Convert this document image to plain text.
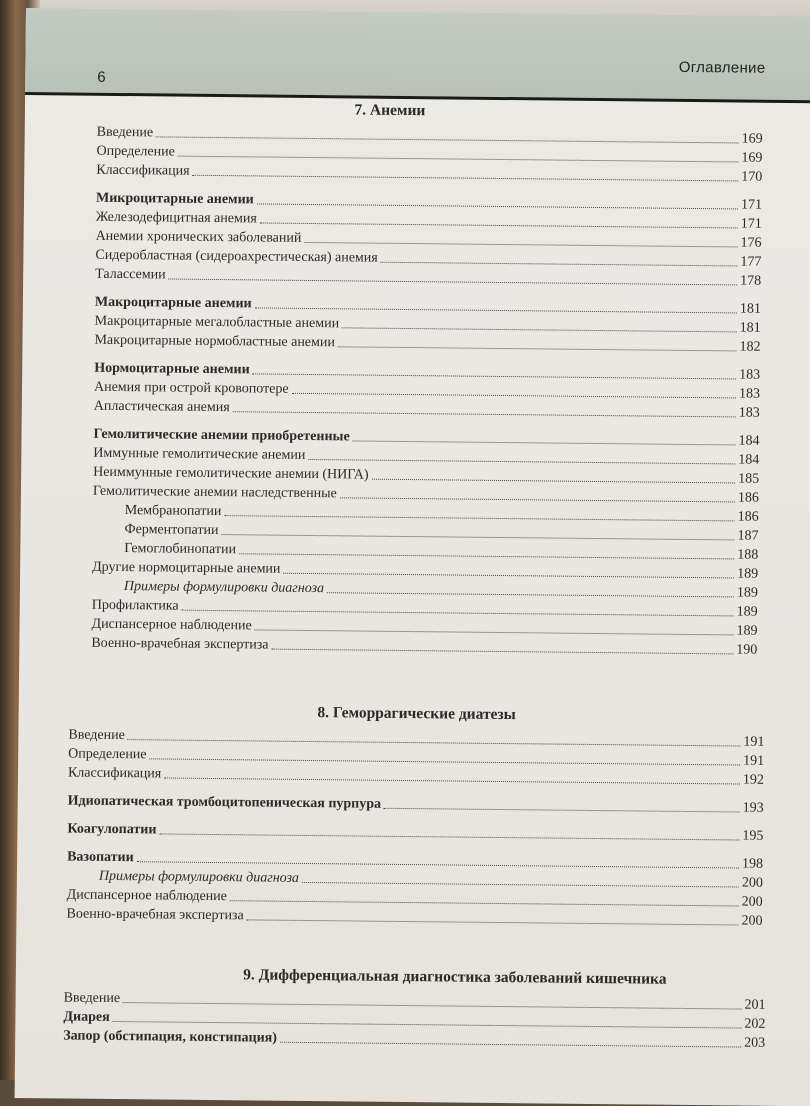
6
Оглавление
7. Анемии
Введение	169
Определение	169
Классификация	170
Микроцитарные анемии	171
Железодефицитная анемия	171
Анемии хронических заболеваний	176
Сидеробластная (сидероахрестическая) анемия	177
Талассемии	178
Макроцитарные анемии	181
Макроцитарные мегалобластные анемии	181
Макроцитарные нормобластные анемии	182
Нормоцитарные анемии	183
Анемия при острой кровопотере	183
Апластическая анемия	183
Гемолитические анемии приобретенные	184
Иммунные гемолитические анемии	184
Неиммунные гемолитические анемии (НИГА)	185
Гемолитические анемии наследственные	186
Мембранопатии	186
Ферментопатии	187
Гемоглобинопатии	188
Другие нормоцитарные анемии	189
Примеры формулировки диагноза	189
Профилактика	189
Диспансерное наблюдение	189
Военно-врачебная экспертиза	190
8. Геморрагические диатезы
Введение	191
Определение	191
Классификация	192
Идиопатическая тромбоцитопеническая пурпура	193
Коагулопатии	195
Вазопатии	198
Примеры формулировки диагноза	200
Диспансерное наблюдение	200
Военно-врачебная экспертиза	200
9. Дифференциальная диагностика заболеваний кишечника
Введение	201
Диарея	202
Запор (обстипация, констипация)	203
